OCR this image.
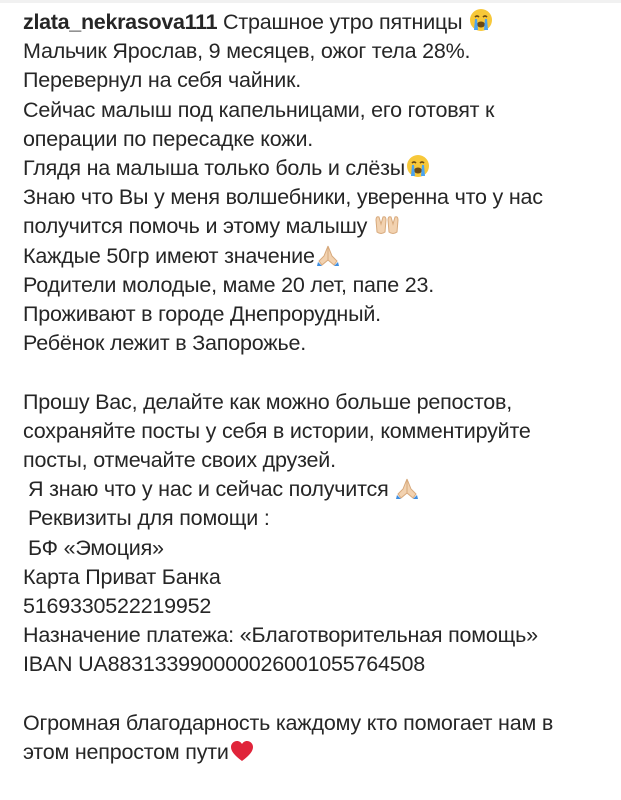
zlata_nekrasova111 Страшное утро пятницы
Мальчик Ярослав, 9 месяцев, ожог тела 28%.
Перевернул на себя чайник.
Сейчас малыш под капельницами, его готовят к
операции по пересадке кожи.
Глядя на малыша только боль и слёзы
Знаю что Вы у меня волшебники, уверенна что у нас
получится помочь и этому малышу
Каждые 50гр имеют значение
Родители молодые, маме 20 лет, папе 23.
Проживают в городе Днепрорудный.
Ребёнок лежит в Запорожье.
Прошу Вас, делайте как можно больше репостов,
сохраняйте посты у себя в истории, комментируйте
посты, отмечайте своих друзей.
Я знаю что у нас и сейчас получится
Реквизиты для помощи :
БФ «Эмоция»
Карта Приват Банка
5169330522219952
Назначение платежа: «Благотворительная помощь»
IBAN UA883133990000026001055764508
Огромная благодарность каждому кто помогает нам в
этом непростом пути
